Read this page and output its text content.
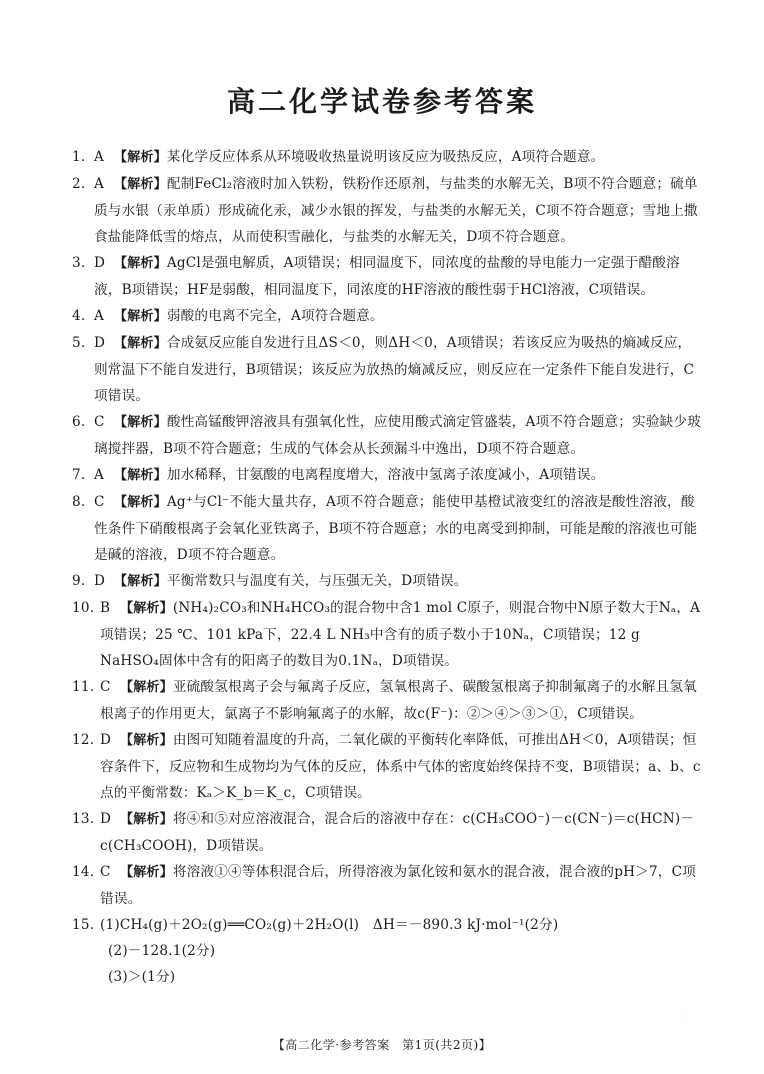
高二化学试卷参考答案
1. A 【解析】某化学反应体系从环境吸收热量说明该反应为吸热反应，A项符合题意。
2. A 【解析】配制FeCl₂溶液时加入铁粉，铁粉作还原剂，与盐类的水解无关，B项不符合题意；硫单质与水银（汞单质）形成硫化汞，减少水银的挥发，与盐类的水解无关，C项不符合题意；雪地上撒食盐能降低雪的熔点，从而使积雪融化，与盐类的水解无关，D项不符合题意。
3. D 【解析】AgCl是强电解质，A项错误；相同温度下，同浓度的盐酸的导电能力一定强于醋酸溶液，B项错误；HF是弱酸，相同温度下，同浓度的HF溶液的酸性弱于HCl溶液，C项错误。
4. A 【解析】弱酸的电离不完全，A项符合题意。
5. D 【解析】合成氨反应能自发进行且ΔS＜0，则ΔH＜0，A项错误；若该反应为吸热的熵减反应，则常温下不能自发进行，B项错误；该反应为放热的熵减反应，则反应在一定条件下能自发进行，C项错误。
6. C 【解析】酸性高锰酸钾溶液具有强氧化性，应使用酸式滴定管盛装，A项不符合题意；实验缺少玻璃搅拌器，B项不符合题意；生成的气体会从长颈漏斗中逸出，D项不符合题意。
7. A 【解析】加水稀释，甘氨酸的电离程度增大，溶液中氢离子浓度减小，A项错误。
8. C 【解析】Ag⁺与Cl⁻不能大量共存，A项不符合题意；能使甲基橙试液变红的溶液是酸性溶液，酸性条件下硝酸根离子会氧化亚铁离子，B项不符合题意；水的电离受到抑制，可能是酸的溶液也可能是碱的溶液，D项不符合题意。
9. D 【解析】平衡常数只与温度有关，与压强无关，D项错误。
10. B 【解析】(NH₄)₂CO₃和NH₄HCO₃的混合物中含1 mol C原子，则混合物中N原子数大于Nₐ，A项错误；25 ℃、101 kPa下，22.4 L NH₃中含有的质子数小于10Nₐ，C项错误；12 g NaHSO₄固体中含有的阳离子的数目为0.1Nₐ，D项错误。
11. C 【解析】亚硫酸氢根离子会与氟离子反应，氢氧根离子、碳酸氢根离子抑制氟离子的水解且氢氧根离子的作用更大，氯离子不影响氟离子的水解，故c(F⁻)：②＞④＞③＞①，C项错误。
12. D 【解析】由图可知随着温度的升高，二氧化碳的平衡转化率降低，可推出ΔH＜0，A项错误；恒容条件下，反应物和生成物均为气体的反应，体系中气体的密度始终保持不变，B项错误；a、b、c点的平衡常数：Kₐ＞K_b＝K_c，C项错误。
13. D 【解析】将④和⑤对应溶液混合，混合后的溶液中存在：c(CH₃COO⁻)－c(CN⁻)＝c(HCN)－c(CH₃COOH)，D项错误。
14. C 【解析】将溶液①④等体积混合后，所得溶液为氯化铵和氨水的混合液，混合液的pH＞7，C项错误。
15. (1)CH₄(g)＋2O₂(g)══CO₂(g)＋2H₂O(l)　ΔH＝－890.3 kJ·mol⁻¹(2分)
(2)－128.1(2分)
(3)＞(1分)
··
【高二化学·参考答案　第1页(共2页)】
